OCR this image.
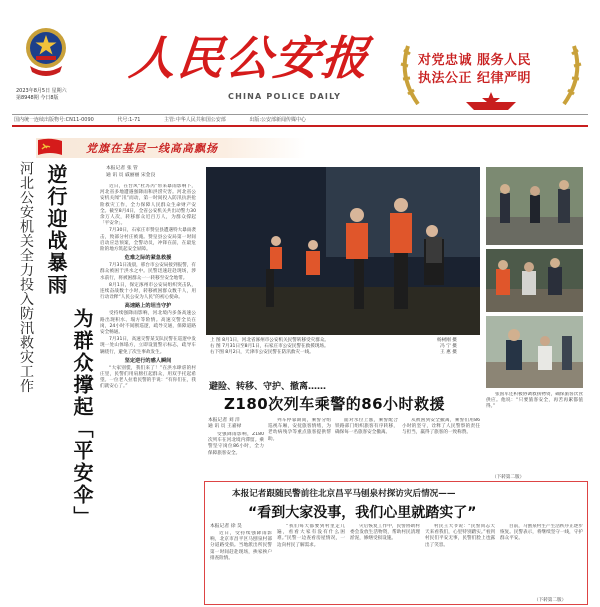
2023年8月5日 星期六
第8948期 今日8版
人民公安报
CHINA POLICE DAILY
对党忠诚 服务人民
执法公正 纪律严明
国内统一连续出版物号:CN11-0090	代号:1-71	主管:中华人民共和国公安部	出版:公安部新闻传媒中心
党旗在基层一线高高飘扬
河北公安机关全力投入防汛救灾工作 逆行迎战暴雨
为群众撑起「平安伞」
本报记者 张 管
通 讯 员 戚丽丽 宋金良

近日，在台风“杜苏芮”带来暴雨影响下，河北省多地遭遇强降雨和洪涝灾害。河北省公安机关闻“汛”而动，第一时间投入防汛抗洪抢险救灾工作，全力保障人民群众生命财产安全。截至8月4日，全省公安机关共出动警力30余万人次，转移群众近百万人，为群众撑起「平安伞」。

7月30日，石家庄市赞皇县遭遇特大暴雨袭击，致部分村庄被淹。赞皇县公安局第一时间启动应急预案，全警动员，冲锋在前，在最危险的地方筑起安全屏障。

危难之际的紧急救援

7月31日凌晨，邢台市公安局接到报警，有群众被困于洪水之中。民警迅速赶赴现场，涉水前行，将被困群众一一转移至安全地带。

8月1日，保定涿州市公安局组织突击队，连续奋战数十小时，转移被困群众数千人，用行动诠释“人民公安为人民”的初心使命。

高速路上的坦当守护

受持续强降雨影响，河北境内多条高速公路出现积水、塌方等险情。高速交警全员在岗，24小时不间断巡逻，疏导交通，保障道路安全畅通。

7月31日，高速交警某支队民警在巡逻中发现一处山体塌方，立即设置警示标志，疏导车辆绕行，避免了次生事故发生。

坚定逆行的感人瞬间

“大家别慌，我们来了！”在洪水肆虐的村庄里，民警们用肩膀扛起群众，用双手托起希望。一位老人拉着民警的手说：“有你们在，我们就安心了。”

上 图 8月1日，河北省涿州市公安机关民警转移受灾群众。
右 图 7月31日至8月1日，石家庄市公安民警在救援现场。
右下图 8月2日，天津市公安民警在防汛救灾一线。
杨树刚 摄
冯 宁 摄
王 惠 摄
避险、转移、守护、撤离……
Z180次列车乘警的86小时救援
本报记者 刘 洋
通 讯 员 王嘉禄

受强降雨影响，Z180次列车在河北境内滞留。乘警坚守岗位86小时，全力保障旅客安全。

列车停靠期间，乘警分组巡视车厢，安抚旅客情绪，为老幼病残孕等重点旅客提供帮助。

面对水位上涨，乘警配合铁路部门组织旅客有序转移，确保每一名旅客安全撤离。

从被困到安全撤离，乘警们用86小时的坚守，诠释了人民警察的责任与担当，赢得了旅客的一致称赞。

张国军还积极协调救援物资，确保旅客饮食供应。他说：“只要旅客安全，再苦再累都值得。”

（下转第二版）
本报记者跟随民警前往北京昌平马刨泉村探访灾后情况——
“看到大家没事，我们心里就踏实了”
本报记者 徐 昊

近日，受持续强降雨影响，北京市昌平区马刨泉村部分道路受损。当地派出所民警第一时间赶赴现场，挨家挨户排查险情。

“我们每天都要到村里走几遍，看看大家有没有什么困难。”民警一边查看房屋情况，一边向村民了解需求。

灾后恢复工作中，民警协助村委会发放生活物资，帮助村民清理淤泥，修缮受损设施。

村民王大爷说：“民警同志天天来看我们，心里特别踏实。”看到村民们平安无事，民警们脸上也露出了笑容。

目前，马刨泉村生产生活秩序正逐步恢复。民警表示，将继续坚守一线，守护群众平安。

（下转第二版）
